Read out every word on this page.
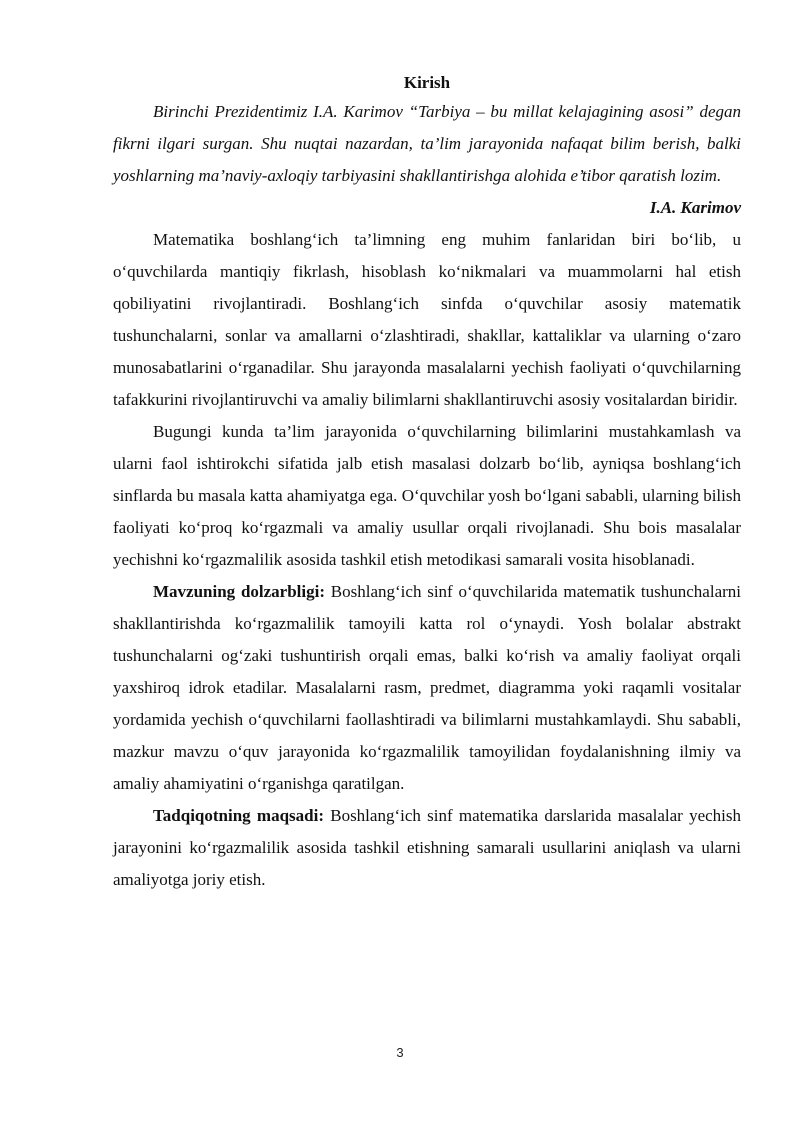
Kirish

Birinchi Prezidentimiz I.A. Karimov “Tarbiya – bu millat kelajagining asosi” degan fikrni ilgari surgan. Shu nuqtai nazardan, ta’lim jarayonida nafaqat bilim berish, balki yoshlarning ma’naviy-axloqiy tarbiyasini shakllantirishga alohida e’tibor qaratish lozim.

I.A. Karimov

Matematika boshlang‘ich ta’limning eng muhim fanlaridan biri bo‘lib, u o‘quvchilarda mantiqiy fikrlash, hisoblash ko‘nikmalari va muammolarni hal etish qobiliyatini rivojlantiradi. Boshlang‘ich sinfda o‘quvchilar asosiy matematik tushunchalarni, sonlar va amallarni o‘zlashtiradi, shakllar, kattaliklar va ularning o‘zaro munosabatlarini o‘rganadilar. Shu jarayonda masalalarni yechish faoliyati o‘quvchilarning tafakkurini rivojlantiruvchi va amaliy bilimlarni shakllantiruvchi asosiy vositalardan biridir.

Bugungi kunda ta’lim jarayonida o‘quvchilarning bilimlarini mustahkamlash va ularni faol ishtirokchi sifatida jalb etish masalasi dolzarb bo‘lib, ayniqsa boshlang‘ich sinflarda bu masala katta ahamiyatga ega. O‘quvchilar yosh bo‘lgani sababli, ularning bilish faoliyati ko‘proq ko‘rgazmali va amaliy usullar orqali rivojlanadi. Shu bois masalalar yechishni ko‘rgazmalilik asosida tashkil etish metodikasi samarali vosita hisoblanadi.

Mavzuning dolzarbligi: Boshlang‘ich sinf o‘quvchilarida matematik tushunchalarni shakllantirishda ko‘rgazmalilik tamoyili katta rol o‘ynaydi. Yosh bolalar abstrakt tushunchalarni og‘zaki tushuntirish orqali emas, balki ko‘rish va amaliy faoliyat orqali yaxshiroq idrok etadilar. Masalalarni rasm, predmet, diagramma yoki raqamli vositalar yordamida yechish o‘quvchilarni faollashtiradi va bilimlarni mustahkamlaydi. Shu sababli, mazkur mavzu o‘quv jarayonida ko‘rgazmalilik tamoyilidan foydalanishning ilmiy va amaliy ahamiyatini o‘rganishga qaratilgan.

Tadqiqotning maqsadi: Boshlang‘ich sinf matematika darslarida masalalar yechish jarayonini ko‘rgazmalilik asosida tashkil etishning samarali usullarini aniqlash va ularni amaliyotga joriy etish.

3
